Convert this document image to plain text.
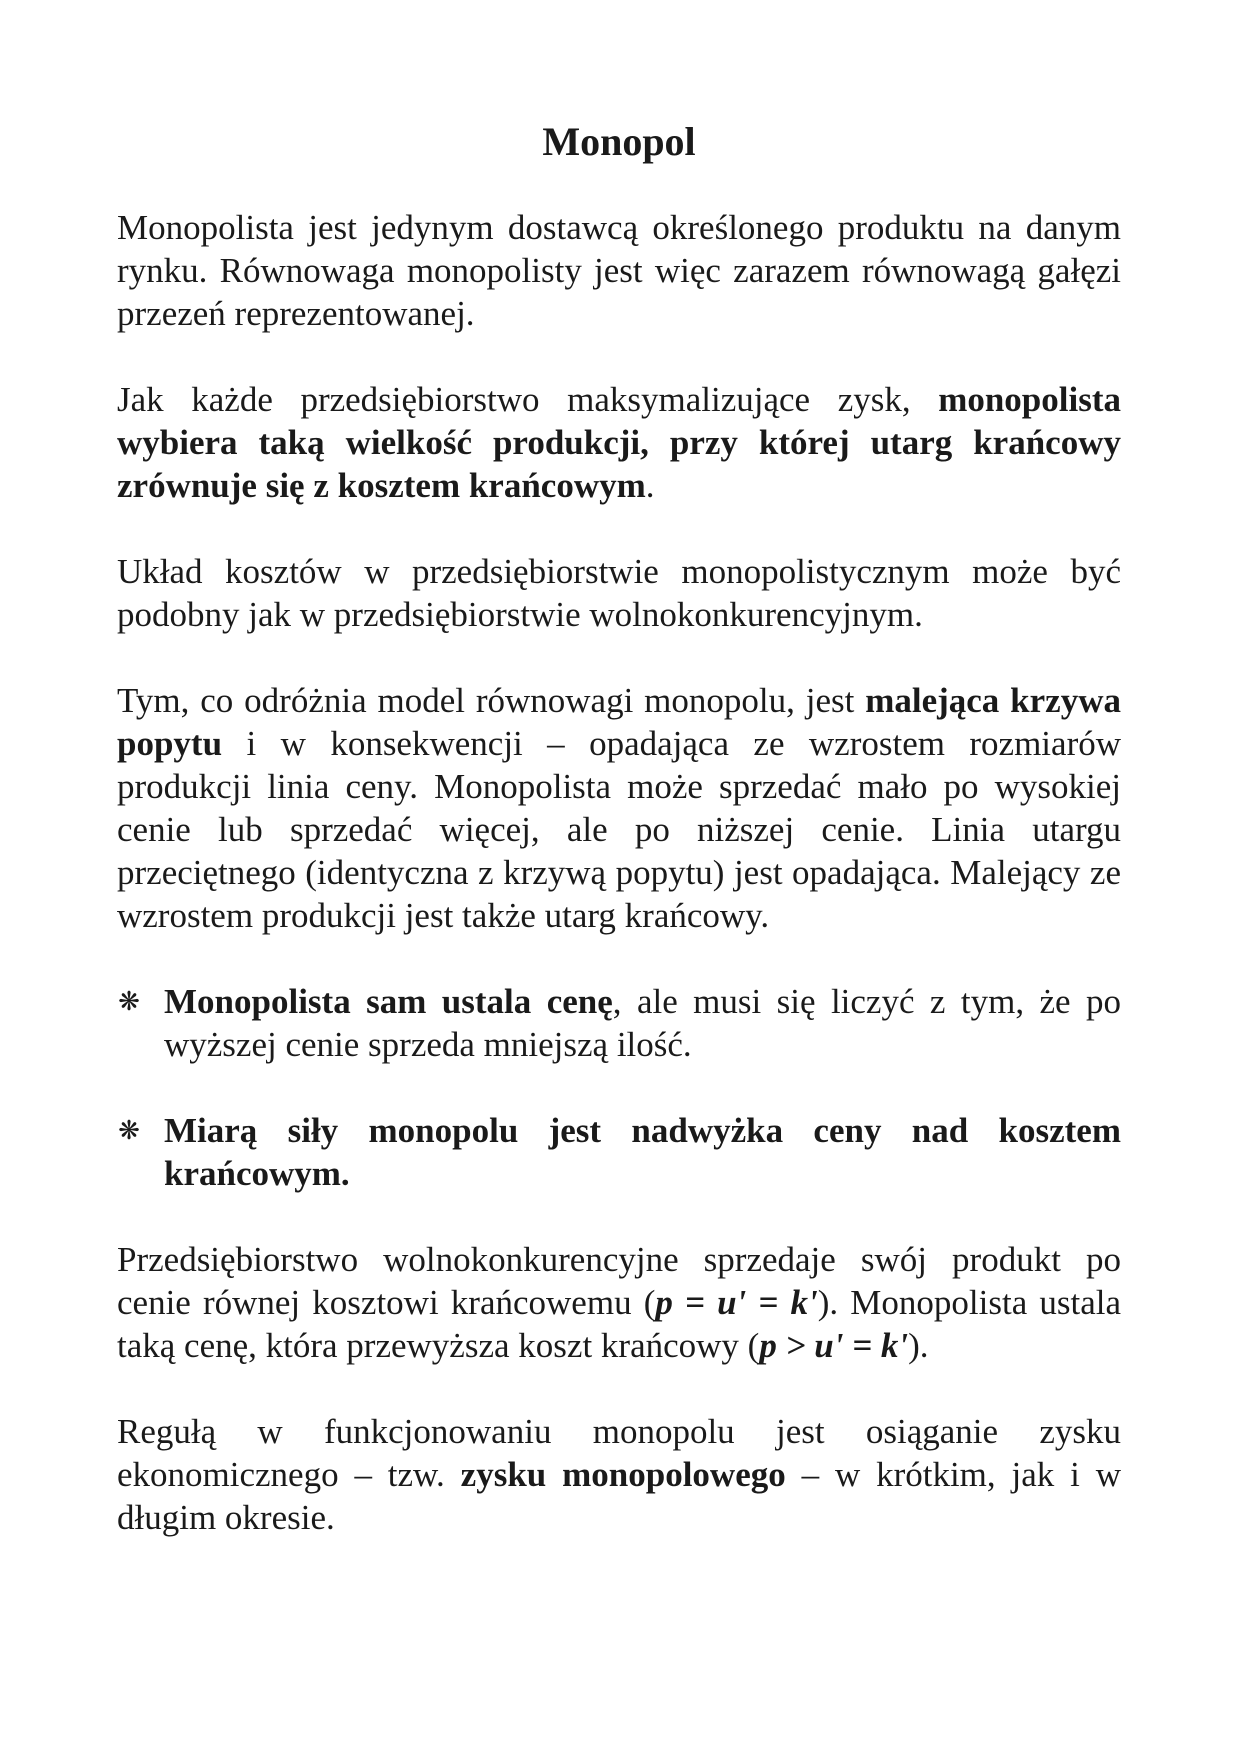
Monopol

Monopolista jest jedynym dostawcą określonego produktu na danym rynku. Równowaga monopolisty jest więc zarazem równowagą gałęzi przezeń reprezentowanej.

Jak każde przedsiębiorstwo maksymalizujące zysk, monopolista wybiera taką wielkość produkcji, przy której utarg krańcowy zrównuje się z kosztem krańcowym.

Układ kosztów w przedsiębiorstwie monopolistycznym może być podobny jak w przedsiębiorstwie wolnokonkurencyjnym.

Tym, co odróżnia model równowagi monopolu, jest malejąca krzywa popytu i w konsekwencji – opadająca ze wzrostem rozmiarów produkcji linia ceny. Monopolista może sprzedać mało po wysokiej cenie lub sprzedać więcej, ale po niższej cenie. Linia utargu przeciętnego (identyczna z krzywą popytu) jest opadająca. Malejący ze wzrostem produkcji jest także utarg krańcowy.

❋ Monopolista sam ustala cenę, ale musi się liczyć z tym, że po wyższej cenie sprzeda mniejszą ilość.
❋ Miarą siły monopolu jest nadwyżka ceny nad kosztem krańcowym.

Przedsiębiorstwo wolnokonkurencyjne sprzedaje swój produkt po cenie równej kosztowi krańcowemu (p = u' = k'). Monopolista ustala taką cenę, która przewyższa koszt krańcowy (p > u' = k').

Regułą w funkcjonowaniu monopolu jest osiąganie zysku ekonomicznego – tzw. zysku monopolowego – w krótkim, jak i w długim okresie.
